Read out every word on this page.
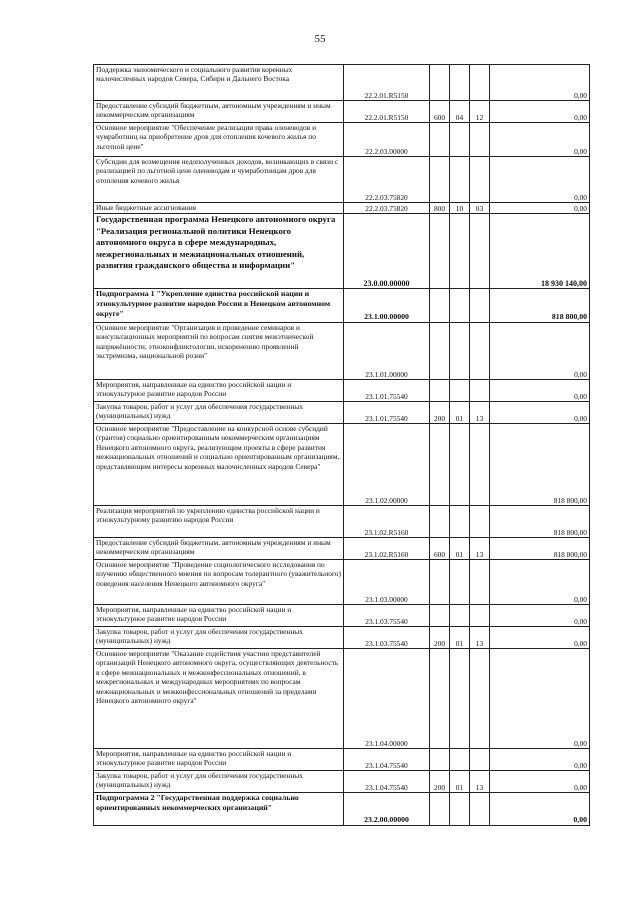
55
Поддержка экономического и социального развития коренных малочисленных народов Севера, Сибири и Дальнего Востока	22.2.01.R5150				0,00
Предоставление субсидий бюджетным, автономным учреждениям и иным некоммерческим организациям	22.2.01.R5150	600	04	12	0,00
Основное мероприятие "Обеспечение реализации права оленеводов и чумработниц на приобретение дров для отопления кочевого жилья по льготной цене"	22.2.03.00000				0,00
Субсидии для возмещения недополученных доходов, возникающих в связи с реализацией по льготной цене оленеводам и чумработницам дров для отопления кочевого жилья	22.2.03.75820				0,00
Иные бюджетные ассигнования	22.2.03.75820	800	10	03	0,00
Государственная программа Ненецкого автономного округа "Реализация региональной политики Ненецкого автономного округа в сфере международных, межрегиональных и межнациональных отношений, развития гражданского общества и информации"	23.0.00.00000				18 930 140,00
Подпрограмма 1 "Укрепление единства российской нации и этнокультурное развитие народов России в Ненецком автономном округе"	23.1.00.00000				818 800,00
Основное мероприятие "Организация и проведение семинаров и консультационных мероприятий по вопросам снятия межэтнической напряжённости, этноконфликтологии, искоренению проявлений экстремизма, национальной розни"	23.1.01.00000				0,00
Мероприятия, направленные на единство российской нации и этнокультурное развитие народов России	23.1.01.75540				0,00
Закупка товаров, работ и услуг для обеспечения государственных (муниципальных) нужд	23.1.01.75540	200	01	13	0,00
Основное мероприятие "Предоставление на конкурсной основе субсидий (грантов) социально ориентированным некоммерческим организациям Ненецкого автономного округа, реализующим проекты в сфере развития межнациональных отношений и социально ориентированным организациям, представляющим интересы коренных малочисленных народов Севера"	23.1.02.00000				818 800,00
Реализация мероприятий по укреплению единства российской нации и этнокультурному развитию народов России	23.1.02.R5160				818 800,00
Предоставление субсидий бюджетным, автономным учреждениям и иным некоммерческим организациям	23.1.02.R5160	600	01	13	818 800,00
Основное мероприятие "Проведение социологического исследования по изучению общественного мнения по вопросам толерантного (уважительного) поведения населения Ненецкого автономного округа"	23.1.03.00000				0,00
Мероприятия, направленные на единство российской нации и этнокультурное развитие народов России	23.1.03.75540				0,00
Закупка товаров, работ и услуг для обеспечения государственных (муниципальных) нужд	23.1.03.75540	200	01	13	0,00
Основное мероприятие "Оказание содействия участию представителей организаций Ненецкого автономного округа, осуществляющих деятельность в сфере межнациональных и межконфессиональных отношений, в межрегиональных и международных мероприятиях по вопросам межнациональных и межконфессиональных отношений за пределами Ненецкого автономного округа"	23.1.04.00000				0,00
Мероприятия, направленные на единство российской нации и этнокультурное развитие народов России	23.1.04.75540				0,00
Закупка товаров, работ и услуг для обеспечения государственных (муниципальных) нужд	23.1.04.75540	200	01	13	0,00
Подпрограмма 2 "Государственная поддержка социально ориентированных некоммерческих организаций"	23.2.00.00000				0,00
